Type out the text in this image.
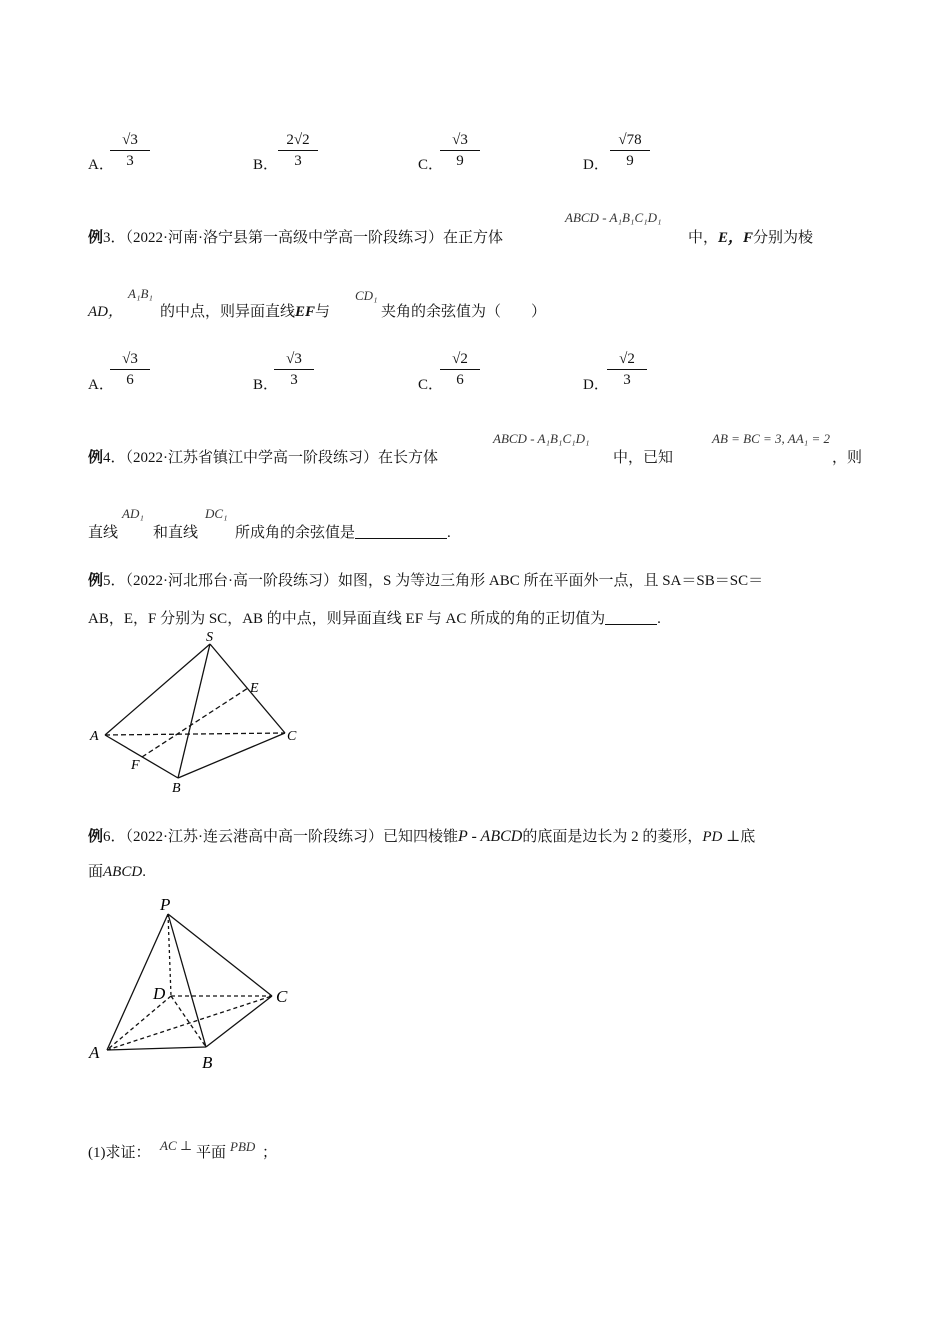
A．
$\frac{√3}{3}$	B． $\frac{2√2}{3}$	C．
$\frac{√3}{9}$	D． $\frac{√78}{9}$
例3．（2022·河南·洛宁县第一高级中学高一阶段练习）在正方体
ABCD - A₁B₁C₁D₁
中，E，F分别为棱
AD，
A₁B₁
的中点，则异面直线EF与
CD₁
夹角的余弦值为（　　）
A．
$\frac{√3}{6}$	B．
$\frac{√3}{3}$	C．
$\frac{√2}{6}$	D．
$\frac{√2}{3}$
例4．（2022·江苏省镇江中学高一阶段练习）在长方体
ABCD - A₁B₁C₁D₁
中，已知
AB = BC = 3, AA₁ = 2
，则
直线
AD₁
和直线
DC₁
所成角的余弦值是	.
例5．（2022·河北邢台·高一阶段练习）如图，S 为等边三角形 ABC 所在平面外一点，且 SA＝SB＝SC＝
AB，E，F 分别为 SC，AB 的中点，则异面直线 EF 与 AC 所成的角的正切值为	.
S
E
A	C
F
B
例6．（2022·江苏·连云港高中高一阶段练习）已知四棱锥P - ABCD的底面是边长为 2 的菱形，PD ⊥底
面ABCD.
P
D	C
A
B
(1)求证： AC ⊥ 平面 PBD ；
